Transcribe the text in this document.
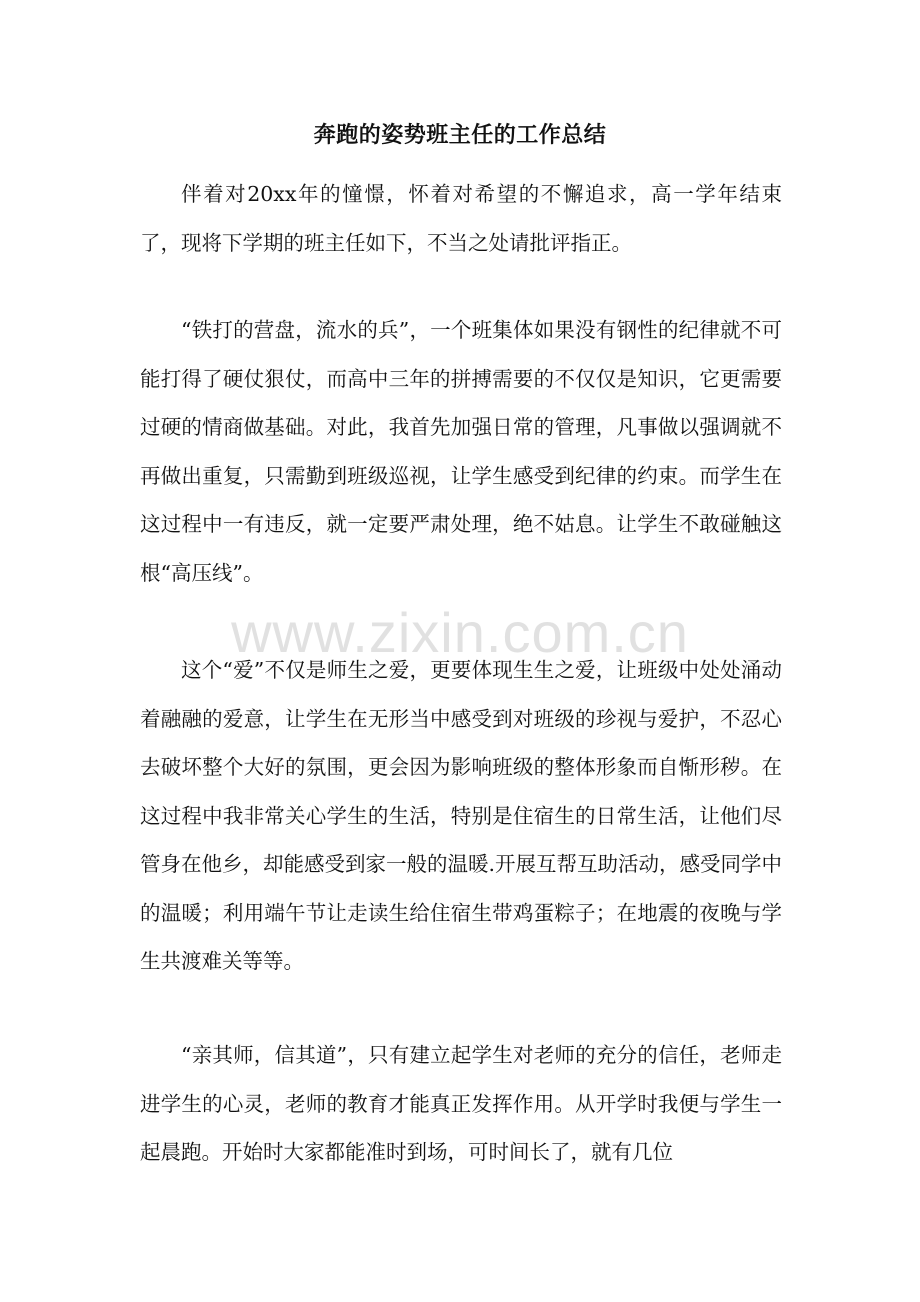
奔跑的姿势班主任的工作总结

伴着对20xx年的憧憬，怀着对希望的不懈追求，高一学年结束了，现将下学期的班主任如下，不当之处请批评指正。

“铁打的营盘，流水的兵”，一个班集体如果没有钢性的纪律就不可能打得了硬仗狠仗，而高中三年的拼搏需要的不仅仅是知识，它更需要过硬的情商做基础。对此，我首先加强日常的管理，凡事做以强调就不再做出重复，只需勤到班级巡视，让学生感受到纪律的约束。而学生在这过程中一有违反，就一定要严肃处理，绝不姑息。让学生不敢碰触这根“高压线”。

这个“爱”不仅是师生之爱，更要体现生生之爱，让班级中处处涌动着融融的爱意，让学生在无形当中感受到对班级的珍视与爱护，不忍心去破坏整个大好的氛围，更会因为影响班级的整体形象而自惭形秽。在这过程中我非常关心学生的生活，特别是住宿生的日常生活，让他们尽管身在他乡，却能感受到家一般的温暖.开展互帮互助活动，感受同学中的温暖；利用端午节让走读生给住宿生带鸡蛋粽子；在地震的夜晚与学生共渡难关等等。

“亲其师，信其道”，只有建立起学生对老师的充分的信任，老师走进学生的心灵，老师的教育才能真正发挥作用。从开学时我便与学生一起晨跑。开始时大家都能准时到场，可时间长了，就有几位

www.zixin.com.cn
